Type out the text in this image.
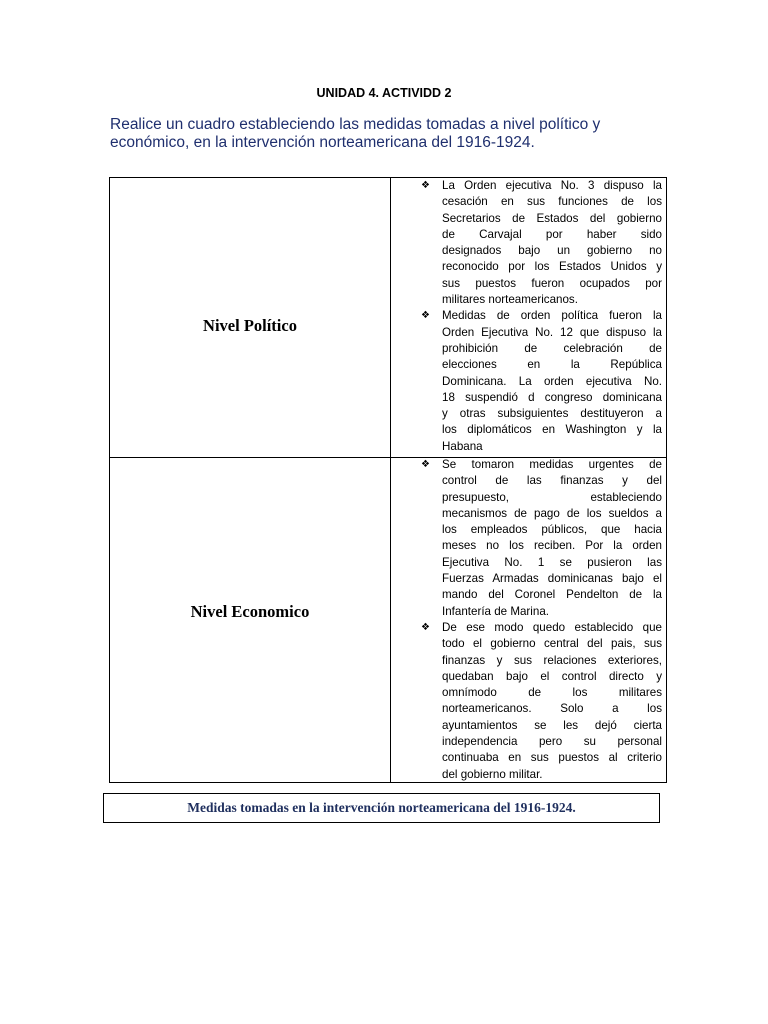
UNIDAD 4. ACTIVIDD 2
Realice un cuadro estableciendo las medidas tomadas a nivel político y
económico, en la intervención norteamericana del 1916-1924.
Nivel Político
Nivel Economico
❖ La Orden ejecutiva No. 3 dispuso la
cesación en sus funciones de los
Secretarios de Estados del gobierno
de Carvajal por haber sido
designados bajo un gobierno no
reconocido por los Estados Unidos y
sus puestos fueron ocupados por
militares norteamericanos.
❖ Medidas de orden política fueron la
Orden Ejecutiva No. 12 que dispuso la
prohibición de celebración de
elecciones en la República
Dominicana. La orden ejecutiva No.
18 suspendió d congreso dominicana
y otras subsiguientes destituyeron a
los diplomáticos en Washington y la
Habana
❖ Se tomaron medidas urgentes de
control de las finanzas y del
presupuesto, estableciendo
mecanismos de pago de los sueldos a
los empleados públicos, que hacia
meses no los reciben. Por la orden
Ejecutiva No. 1 se pusieron las
Fuerzas Armadas dominicanas bajo el
mando del Coronel Pendelton de la
Infantería de Marina.
❖ De ese modo quedo establecido que
todo el gobierno central del pais, sus
finanzas y sus relaciones exteriores,
quedaban bajo el control directo y
omnímodo de los militares
norteamericanos. Solo a los
ayuntamientos se les dejó cierta
independencia pero su personal
continuaba en sus puestos al criterio
del gobierno militar.
Medidas tomadas en la intervención norteamericana del 1916-1924.
